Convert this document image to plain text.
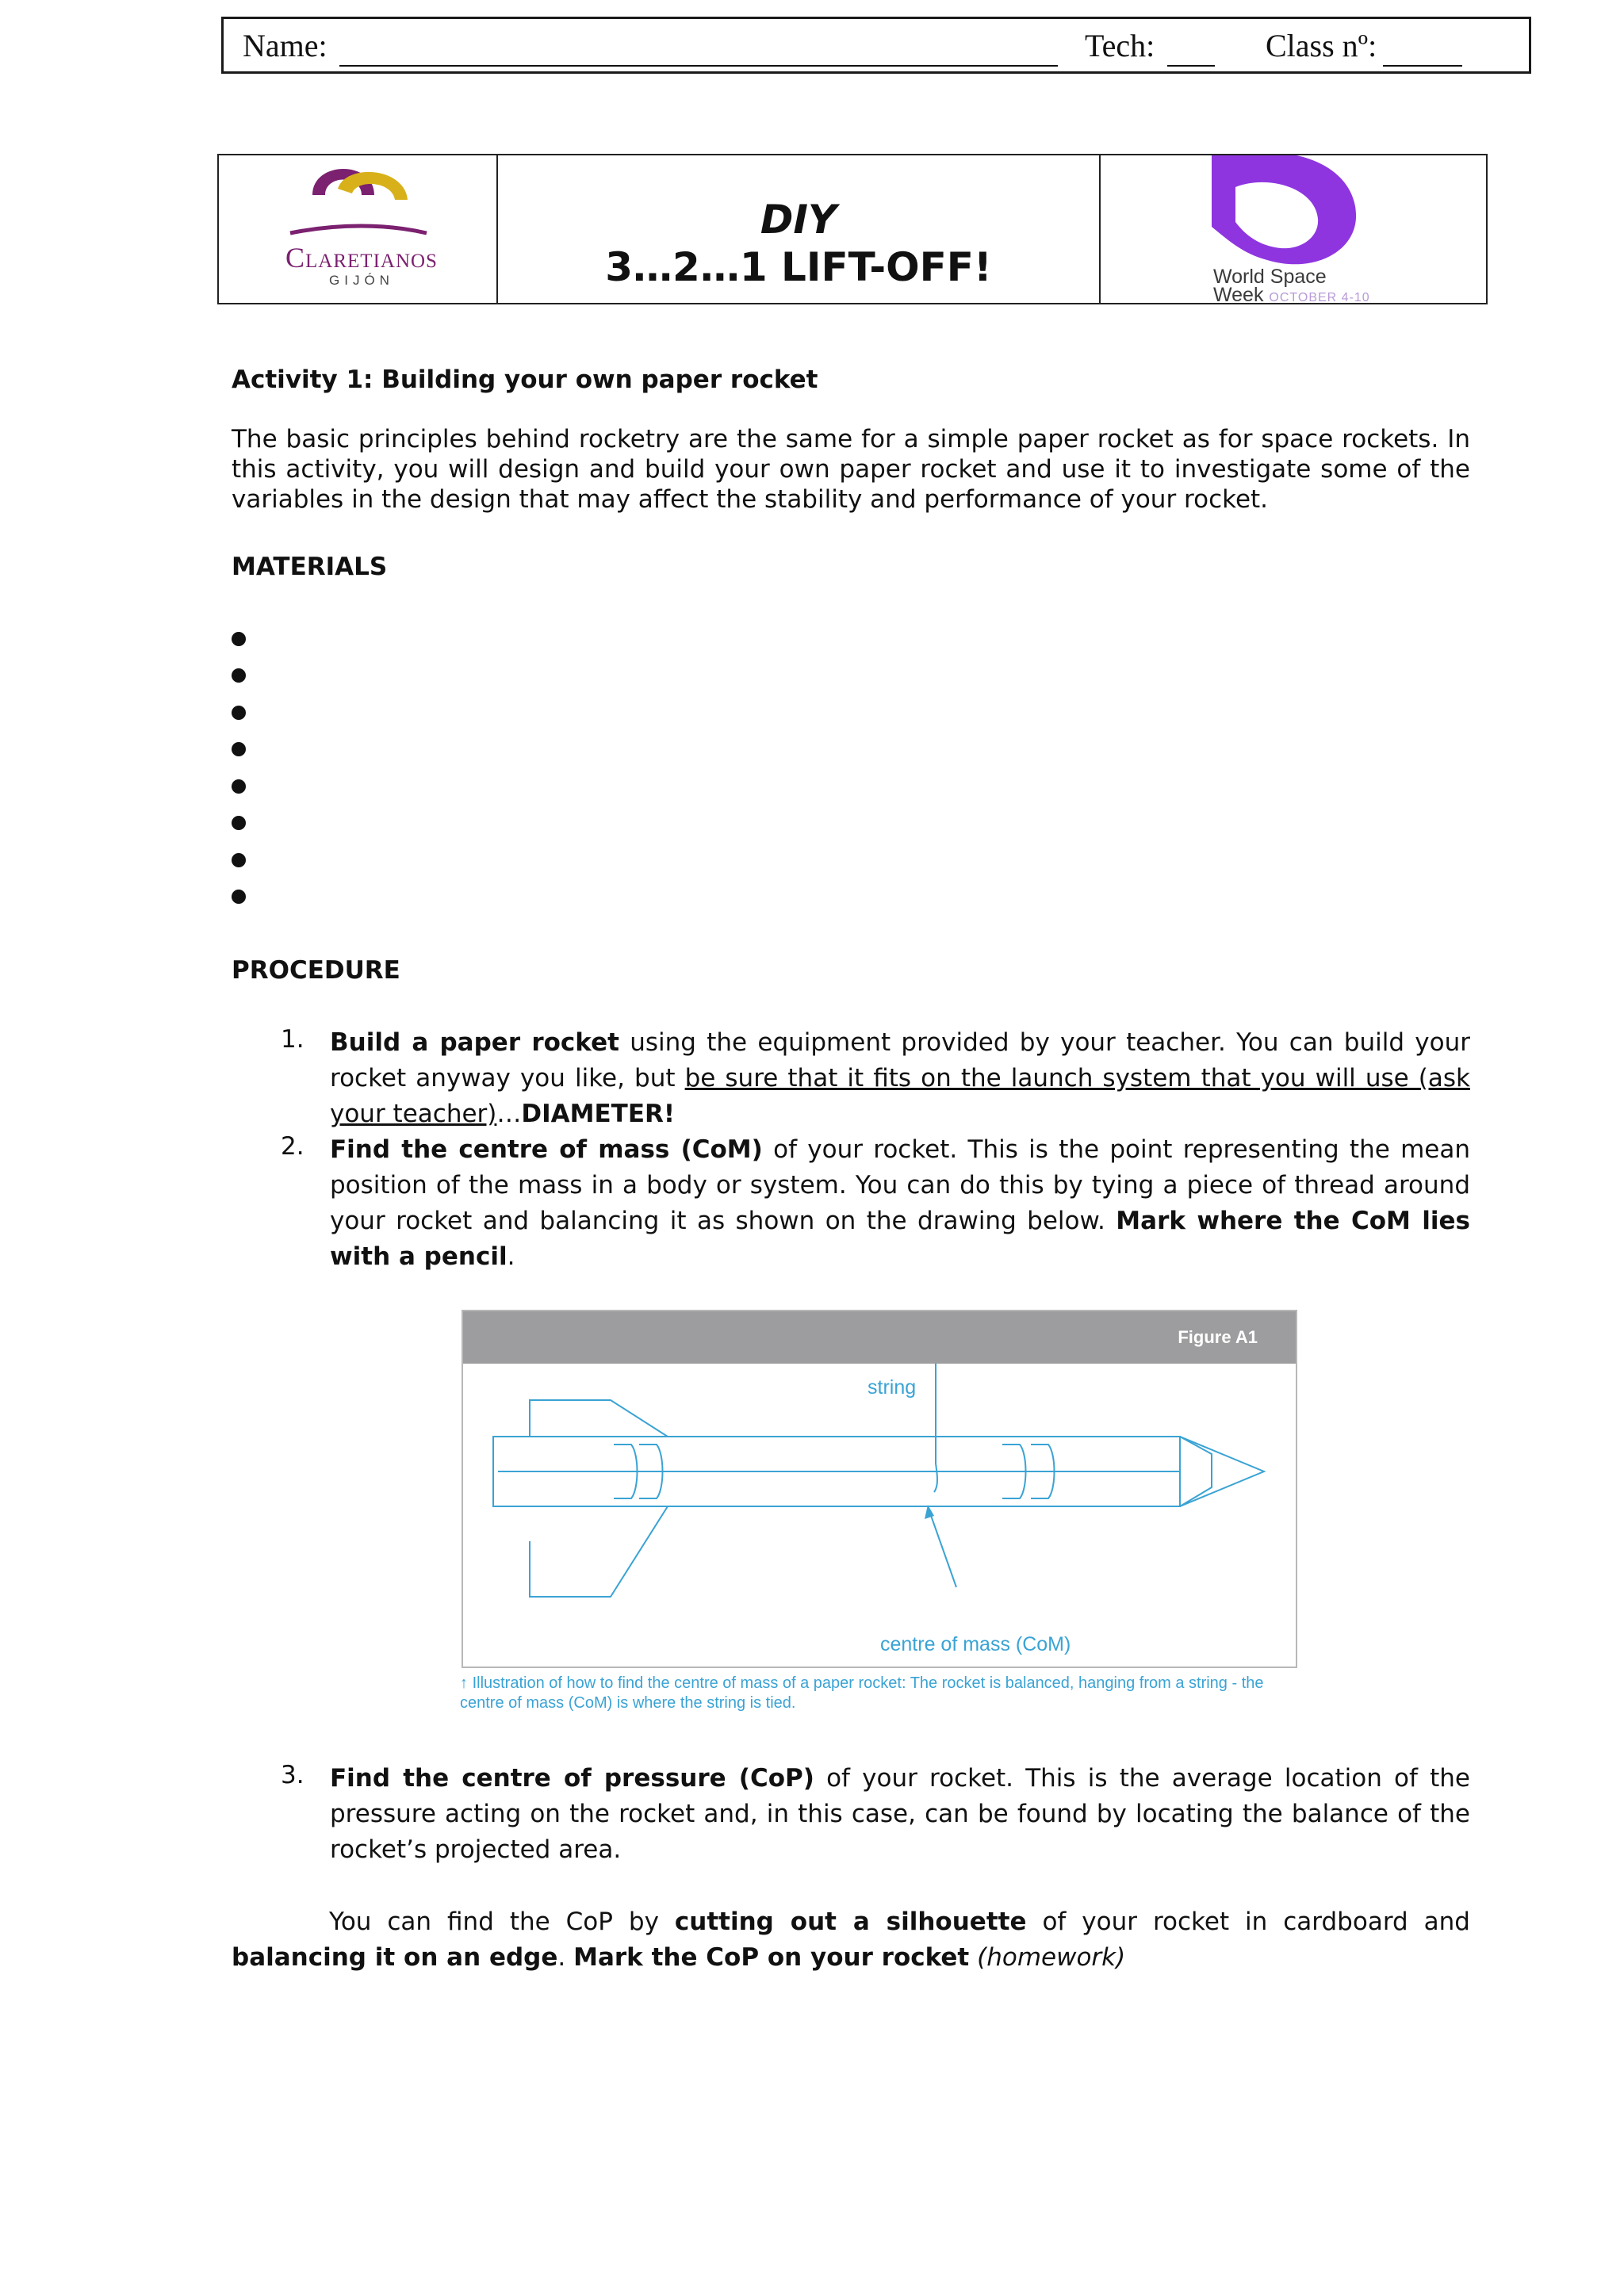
Name:	Tech:	Class nº:
Claretianos
GIJÓN
DIY
3…2…1 LIFT-OFF!	World Space
Week OCTOBER 4-10
Activity 1: Building your own paper rocket
The basic principles behind rocketry are the same for a simple paper rocket as for space rockets. In this activity, you will design and build your own paper rocket and use it to investigate some of the variables in the design that may affect the stability and performance of your rocket.
MATERIALS
PROCEDURE
1. Build a paper rocket using the equipment provided by your teacher. You can build your rocket anyway you like, but be sure that it fits on the launch system that you will use (ask your teacher)…DIAMETER!
2. Find the centre of mass (CoM) of your rocket. This is the point representing the mean position of the mass in a body or system. You can do this by tying a piece of thread around your rocket and balancing it as shown on the drawing below. Mark where the CoM lies with a pencil.
Figure A1
string
centre of mass (CoM)
↑ Illustration of how to find the centre of mass of a paper rocket: The rocket is balanced, hanging from a string - the centre of mass (CoM) is where the string is tied.
3. Find the centre of pressure (CoP) of your rocket. This is the average location of the pressure acting on the rocket and, in this case, can be found by locating the balance of the rocket’s projected area.
You can find the CoP by cutting out a silhouette of your rocket in cardboard and balancing it on an edge. Mark the CoP on your rocket (homework)
